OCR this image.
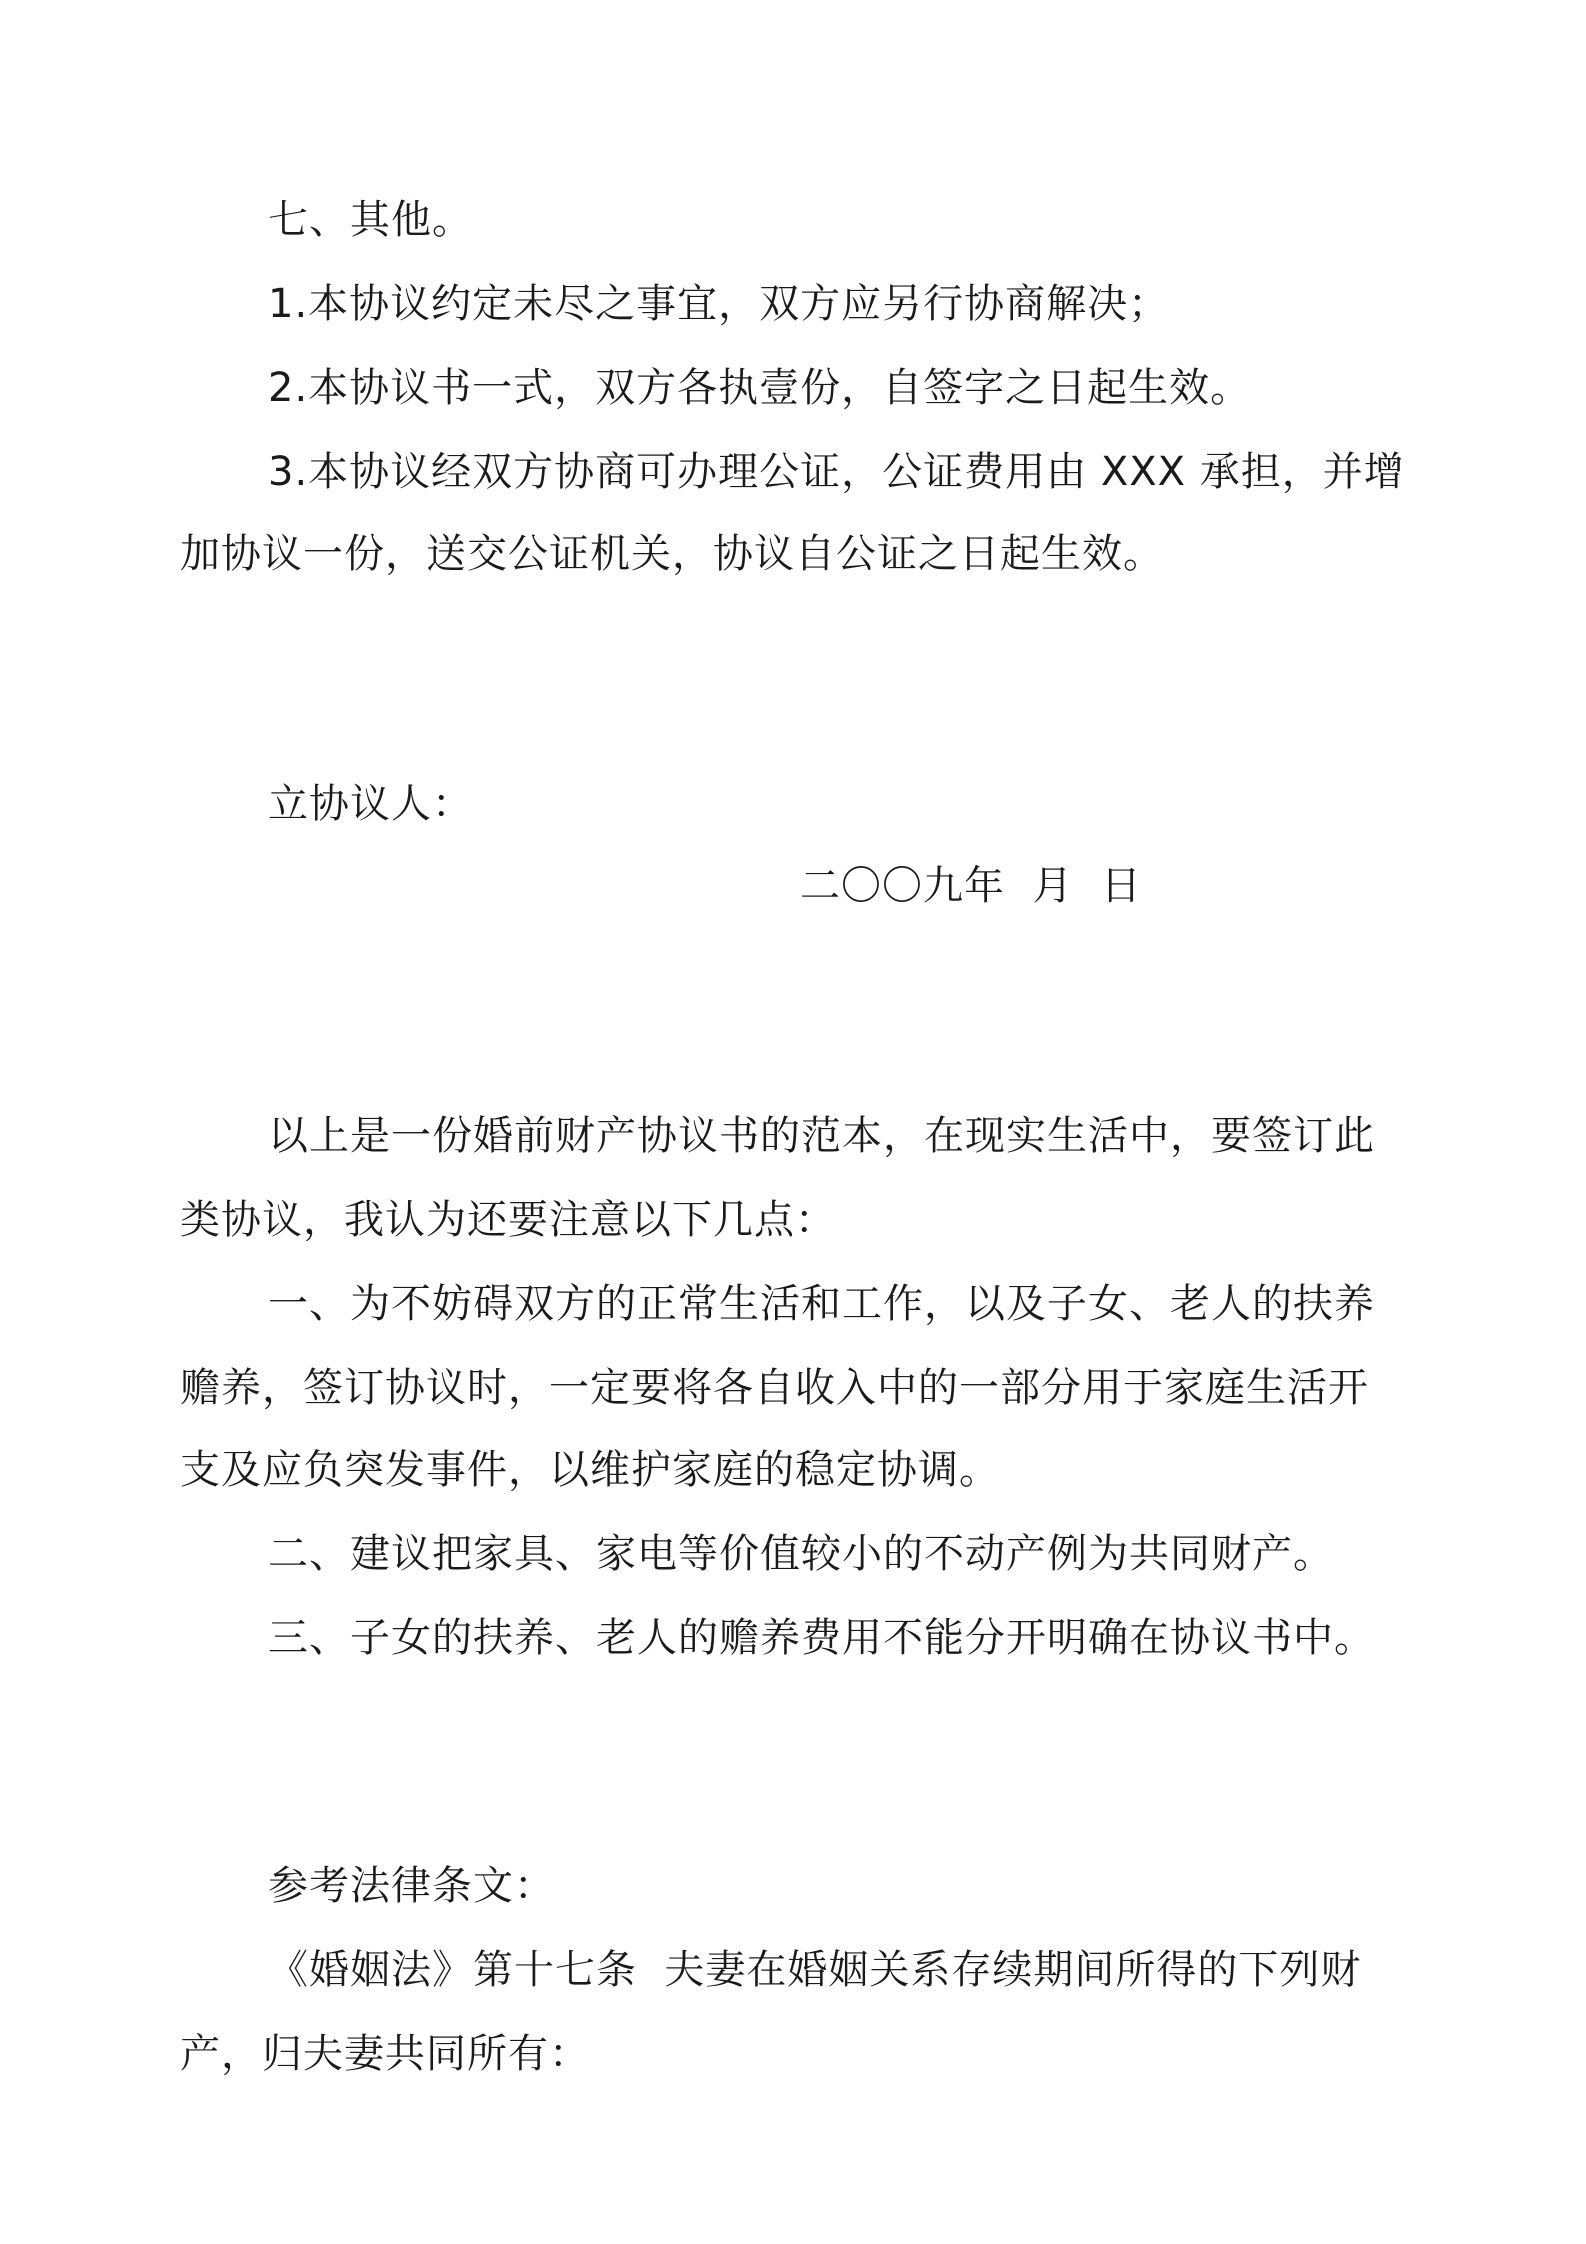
七、其他。
1.本协议约定未尽之事宜，双方应另行协商解决；
2.本协议书一式，双方各执壹份，自签字之日起生效。
3.本协议经双方协商可办理公证，公证费用由 XXX 承担，并增
加协议一份，送交公证机关，协议自公证之日起生效。
立协议人：
二〇〇九年  月  日
以上是一份婚前财产协议书的范本，在现实生活中，要签订此
类协议，我认为还要注意以下几点：
一、为不妨碍双方的正常生活和工作，以及子女、老人的扶养
赡养，签订协议时，一定要将各自收入中的一部分用于家庭生活开
支及应负突发事件，以维护家庭的稳定协调。
二、建议把家具、家电等价值较小的不动产例为共同财产。
三、子女的扶养、老人的赡养费用不能分开明确在协议书中。
参考法律条文：
《婚姻法》第十七条  夫妻在婚姻关系存续期间所得的下列财
产，归夫妻共同所有：
